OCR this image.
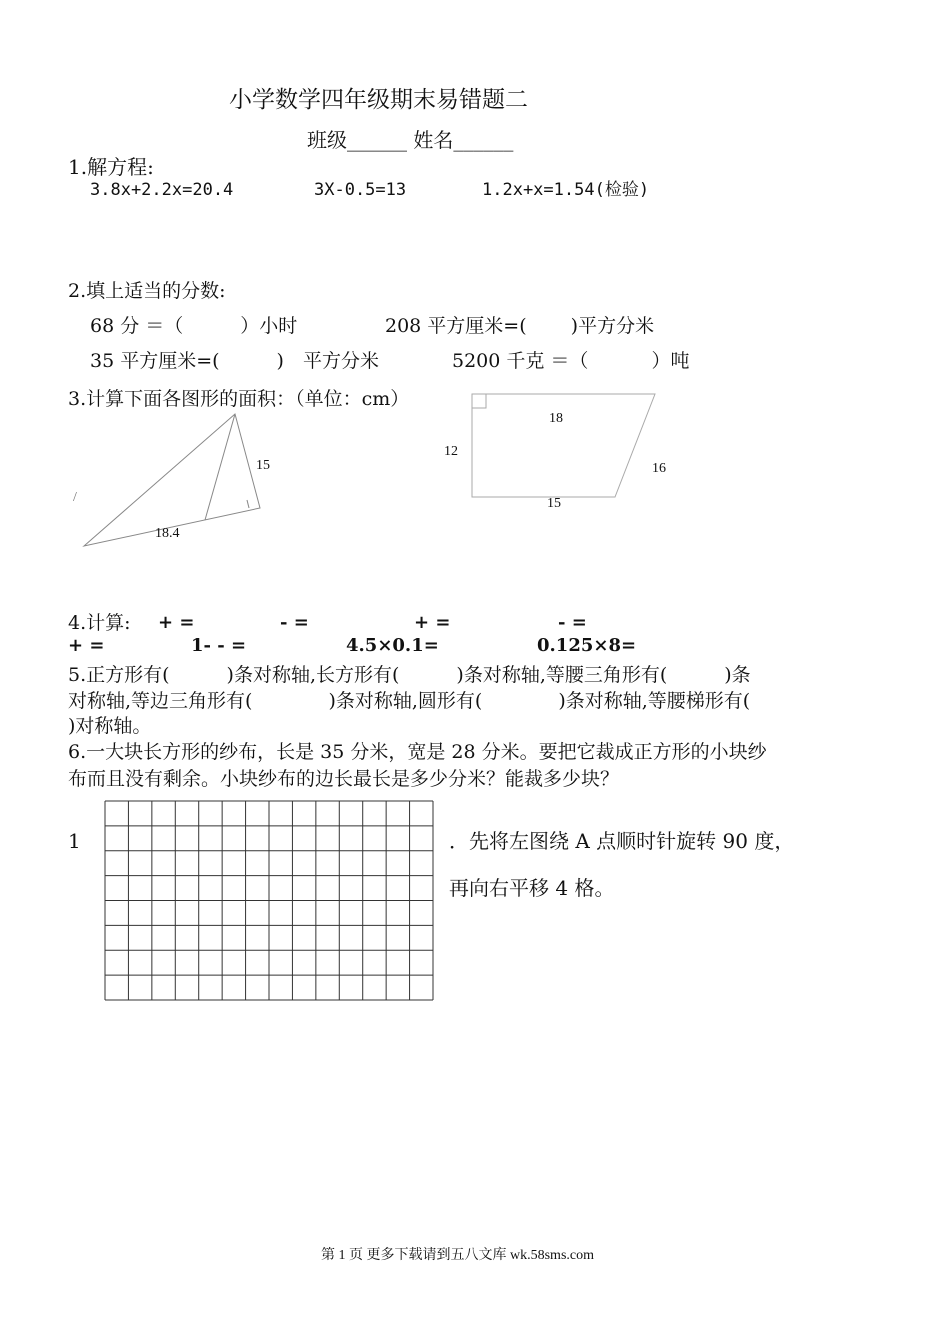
小学数学四年级期末易错题二
班级______ 姓名______
1.解方程:
3.8x+2.2x=20.4	3X-0.5=13	1.2x+x=1.54(检验)
2.填上适当的分数:
68 分 ＝（　　　）小时	208 平方厘米=(　　 )平方分米
35 平方厘米=(　　　)　平方分米	5200 千克 ＝（　　　 ）吨
3.计算下面各图形的面积：（单位：cm）
15
18.4
/
18
12
16
15
4.计算: + =	- =	+ =	- =
+ =	1- - =	4.5×0.1=	0.125×8=
5.正方形有(　　　)条对称轴,长方形有(　　　)条对称轴,等腰三角形有(　　　)条
对称轴,等边三角形有(　　　　)条对称轴,圆形有(　　　　)条对称轴,等腰梯形有(
)对称轴。
6.一大块长方形的纱布，长是 35 分米，宽是 28 分米。要把它裁成正方形的小块纱
布而且没有剩余。小块纱布的边长最长是多少分米？能裁多少块？
1	．先将左图绕 A 点顺时针旋转 90 度，
再向右平移 4 格。
第 1 页 更多下载请到五八文库 wk.58sms.com
